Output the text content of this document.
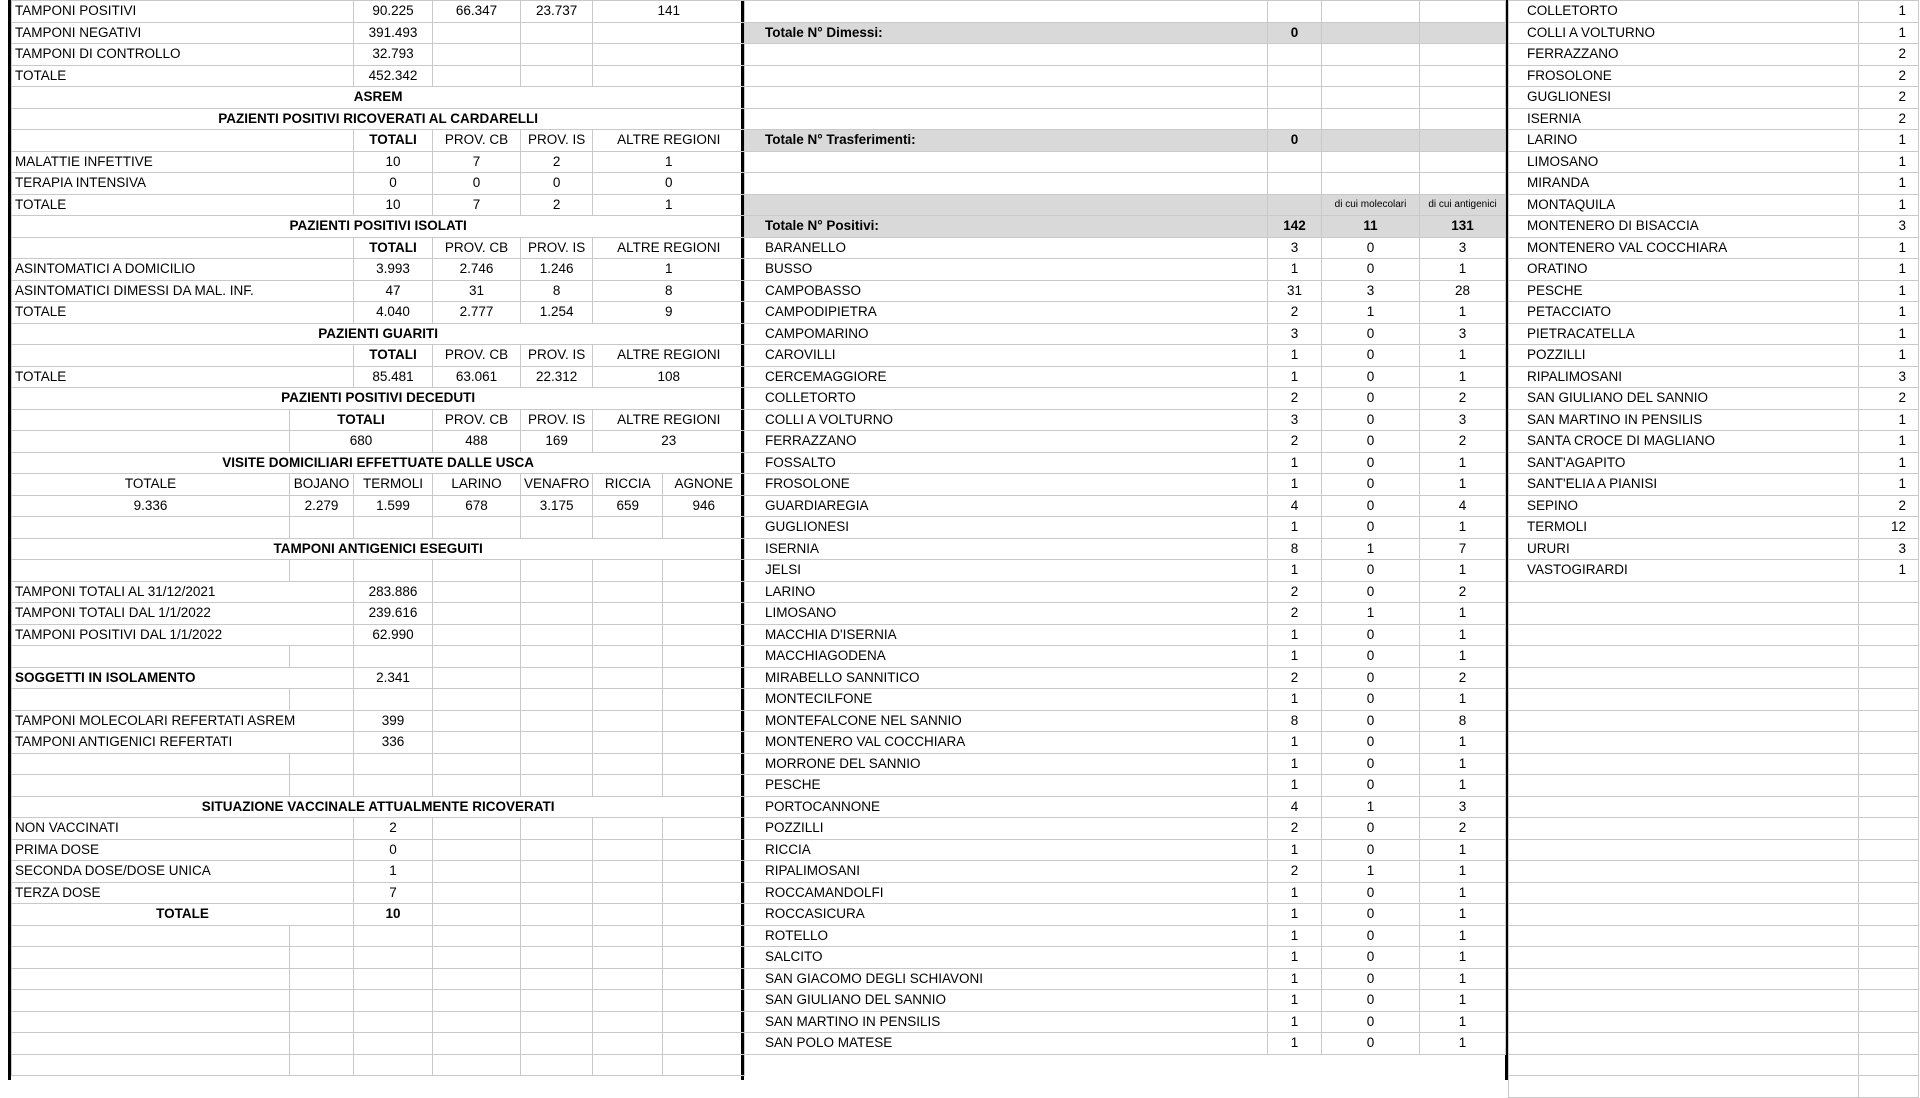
TAMPONI POSITIVI		90.225	66.347	23.737	141	
TAMPONI NEGATIVI		391.493				
TAMPONI DI CONTROLLO		32.793				
TOTALE		452.342				
ASREM						
PAZIENTI POSITIVI RICOVERATI AL CARDARELLI						
		TOTALI	PROV. CB	PROV. IS	ALTRE REGIONI	
MALATTIE INFETTIVE		10	7	2	1	
TERAPIA INTENSIVA		0	0	0	0	
TOTALE		10	7	2	1	
PAZIENTI POSITIVI ISOLATI						
		TOTALI	PROV. CB	PROV. IS	ALTRE REGIONI	
ASINTOMATICI A DOMICILIO		3.993	2.746	1.246	1	
ASINTOMATICI DIMESSI DA MAL. INF.		47	31	8	8	
TOTALE		4.040	2.777	1.254	9	
PAZIENTI GUARITI						
		TOTALI	PROV. CB	PROV. IS	ALTRE REGIONI	
TOTALE		85.481	63.061	22.312	108	
PAZIENTI POSITIVI DECEDUTI						
	TOTALI		PROV. CB	PROV. IS	ALTRE REGIONI	
	680		488	169	23	
VISITE DOMICILIARI EFFETTUATE DALLE USCA						
TOTALE	BOJANO	TERMOLI	LARINO	VENAFRO	RICCIA	AGNONE
9.336	2.279	1.599	678	3.175	659	946

TAMPONI ANTIGENICI ESEGUITI						

TAMPONI TOTALI AL 31/12/2021		283.886				
TAMPONI TOTALI DAL 1/1/2022		239.616				
TAMPONI POSITIVI DAL 1/1/2022		62.990				

SOGGETTI IN ISOLAMENTO		2.341				

TAMPONI MOLECOLARI REFERTATI ASREM		399				
TAMPONI ANTIGENICI REFERTATI		336				

SITUAZIONE VACCINALE ATTUALMENTE RICOVERATI						
NON VACCINATI		2				
PRIMA DOSE		0				
SECONDA DOSE/DOSE UNICA		1				
TERZA DOSE		7				
TOTALE		10				

Totale N° Dimessi:	0		

Totale N° Trasferimenti:	0		

		di cui molecolari	di cui antigenici
Totale N° Positivi:	142	11	131
BARANELLO	3	0	3
BUSSO	1	0	1
CAMPOBASSO	31	3	28
CAMPODIPIETRA	2	1	1
CAMPOMARINO	3	0	3
CAROVILLI	1	0	1
CERCEMAGGIORE	1	0	1
COLLETORTO	2	0	2
COLLI A VOLTURNO	3	0	3
FERRAZZANO	2	0	2
FOSSALTO	1	0	1
FROSOLONE	1	0	1
GUARDIAREGIA	4	0	4
GUGLIONESI	1	0	1
ISERNIA	8	1	7
JELSI	1	0	1
LARINO	2	0	2
LIMOSANO	2	1	1
MACCHIA D'ISERNIA	1	0	1
MACCHIAGODENA	1	0	1
MIRABELLO SANNITICO	2	0	2
MONTECILFONE	1	0	1
MONTEFALCONE NEL SANNIO	8	0	8
MONTENERO VAL COCCHIARA	1	0	1
MORRONE DEL SANNIO	1	0	1
PESCHE	1	0	1
PORTOCANNONE	4	1	3
POZZILLI	2	0	2
RICCIA	1	0	1
RIPALIMOSANI	2	1	1
ROCCAMANDOLFI	1	0	1
ROCCASICURA	1	0	1
ROTELLO	1	0	1
SALCITO	1	0	1
SAN GIACOMO DEGLI SCHIAVONI	1	0	1
SAN GIULIANO DEL SANNIO	1	0	1
SAN MARTINO IN PENSILIS	1	0	1
SAN POLO MATESE	1	0	1
COLLETORTO	1
COLLI A VOLTURNO	1
FERRAZZANO	2
FROSOLONE	2
GUGLIONESI	2
ISERNIA	2
LARINO	1
LIMOSANO	1
MIRANDA	1
MONTAQUILA	1
MONTENERO DI BISACCIA	3
MONTENERO VAL COCCHIARA	1
ORATINO	1
PESCHE	1
PETACCIATO	1
PIETRACATELLA	1
POZZILLI	1
RIPALIMOSANI	3
SAN GIULIANO DEL SANNIO	2
SAN MARTINO IN PENSILIS	1
SANTA CROCE DI MAGLIANO	1
SANT'AGAPITO	1
SANT'ELIA A PIANISI	1
SEPINO	2
TERMOLI	12
URURI	3
VASTOGIRARDI	1
